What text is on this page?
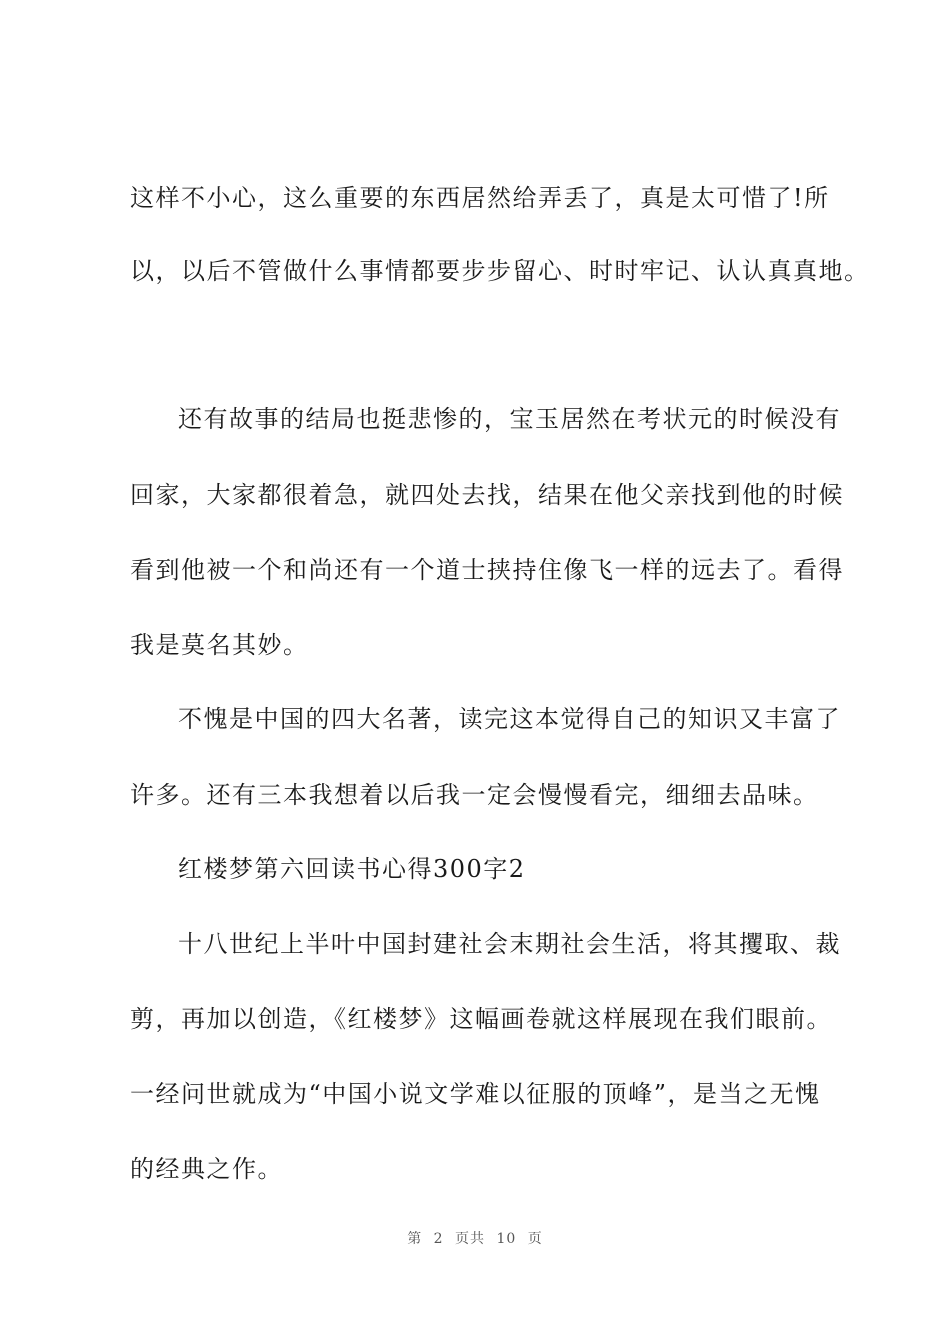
这样不小心，这么重要的东西居然给弄丢了，真是太可惜了!所
以，以后不管做什么事情都要步步留心、时时牢记、认认真真地。
还有故事的结局也挺悲惨的，宝玉居然在考状元的时候没有
回家，大家都很着急，就四处去找，结果在他父亲找到他的时候
看到他被一个和尚还有一个道士挟持住像飞一样的远去了。看得
我是莫名其妙。
不愧是中国的四大名著，读完这本觉得自己的知识又丰富了
许多。还有三本我想着以后我一定会慢慢看完，细细去品味。
红楼梦第六回读书心得300字2
十八世纪上半叶中国封建社会末期社会生活，将其攫取、裁
剪，再加以创造，《红楼梦》这幅画卷就这样展现在我们眼前。
一经问世就成为“中国小说文学难以征服的顶峰”，是当之无愧
的经典之作。
第 2 页共 10 页
